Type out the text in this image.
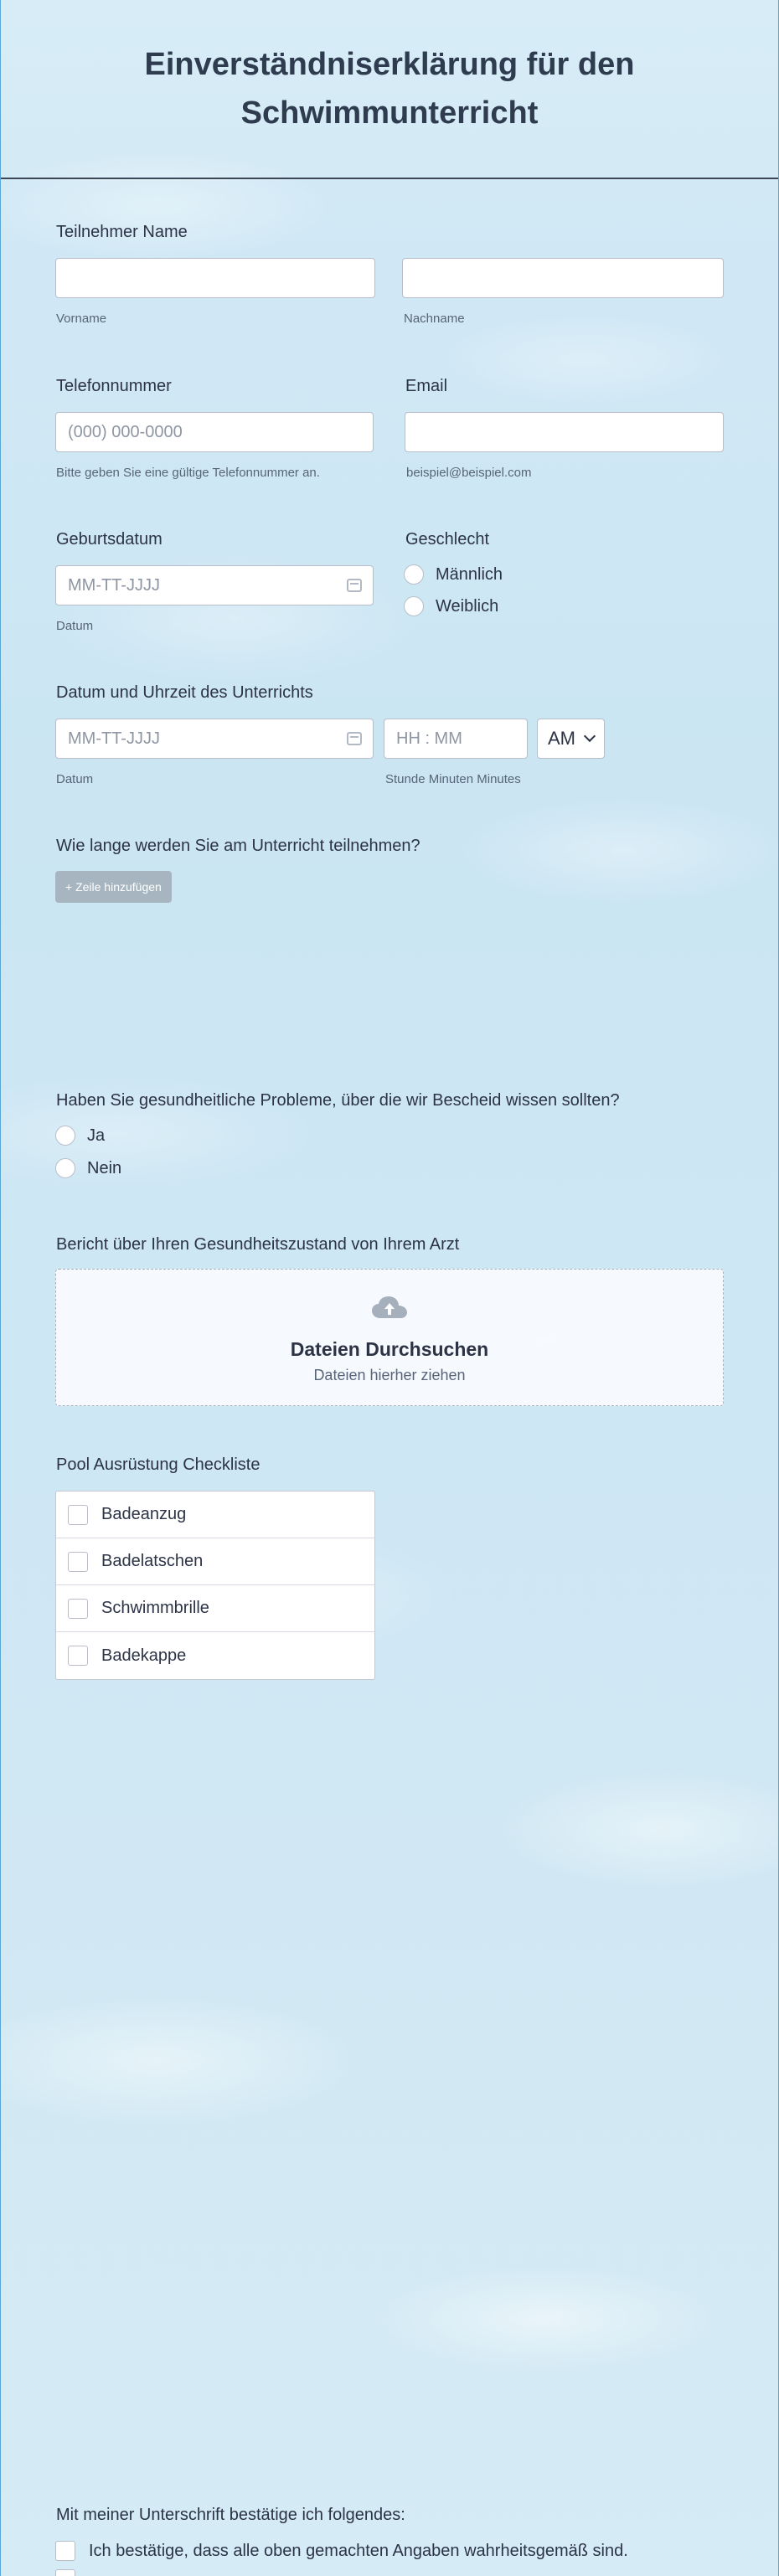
Einverständniserklärung für den Schwimmunterricht
Teilnehmer Name
Vorname	Nachname
Telefonnummer
(000) 000-0000
Bitte geben Sie eine gültige Telefonnummer an.
Email
beispiel@beispiel.com
Geburtsdatum
MM-TT-JJJJ
Datum
Geschlecht
Männlich
Weiblich
Datum und Uhrzeit des Unterrichts
MM-TT-JJJJ
Datum
HH : MM	Stunde Minuten Minutes
AM
Wie lange werden Sie am Unterricht teilnehmen?
+ Zeile hinzufügen
Haben Sie gesundheitliche Probleme, über die wir Bescheid wissen sollten?
Ja
Nein
Bericht über Ihren Gesundheitszustand von Ihrem Arzt
Dateien Durchsuchen
Dateien hierher ziehen
Pool Ausrüstung Checkliste
Badeanzug
Badelatschen
Schwimmbrille
Badekappe
Mit meiner Unterschrift bestätige ich folgendes:
Ich bestätige, dass alle oben gemachten Angaben wahrheitsgemäß sind.
